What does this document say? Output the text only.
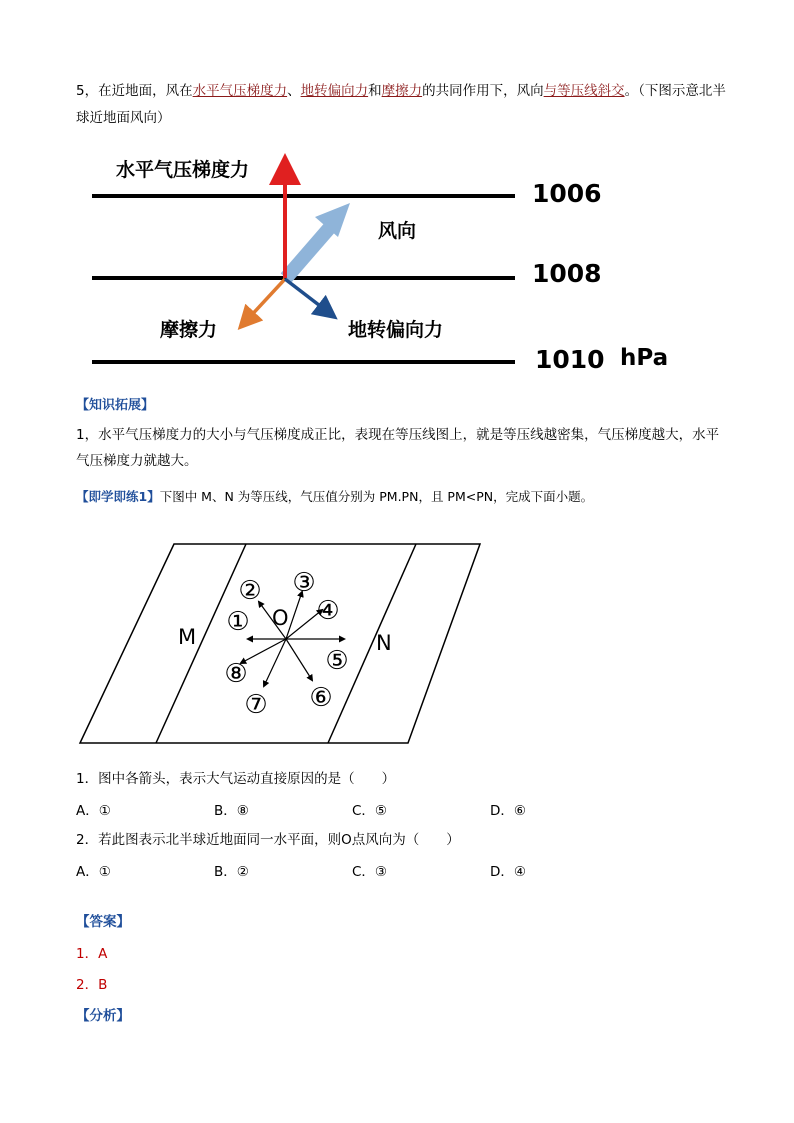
5，在近地面，风在水平气压梯度力、地转偏向力和摩擦力的共同作用下，风向与等压线斜交。（下图示意北半球近地面风向）
水平气压梯度力
风向
摩擦力	地转偏向力
1006
1008
1010 hPa
【知识拓展】
1，水平气压梯度力的大小与气压梯度成正比，表现在等压线图上，就是等压线越密集，气压梯度越大，水平气压梯度力就越大。
【即学即练1】下图中 M、N 为等压线，气压值分别为 PM.PN，且 PM<PN，完成下面小题。
M	N
O
①
② ③
④
⑤
⑥
⑦
⑧
1．图中各箭头，表示大气运动直接原因的是（　　）
A．①	B．⑧	C．⑤	D．⑥
2．若此图表示北半球近地面同一水平面，则O点风向为（　　）
A．①	B．②	C．③	D．④
【答案】
1．A
2．B
【分析】
